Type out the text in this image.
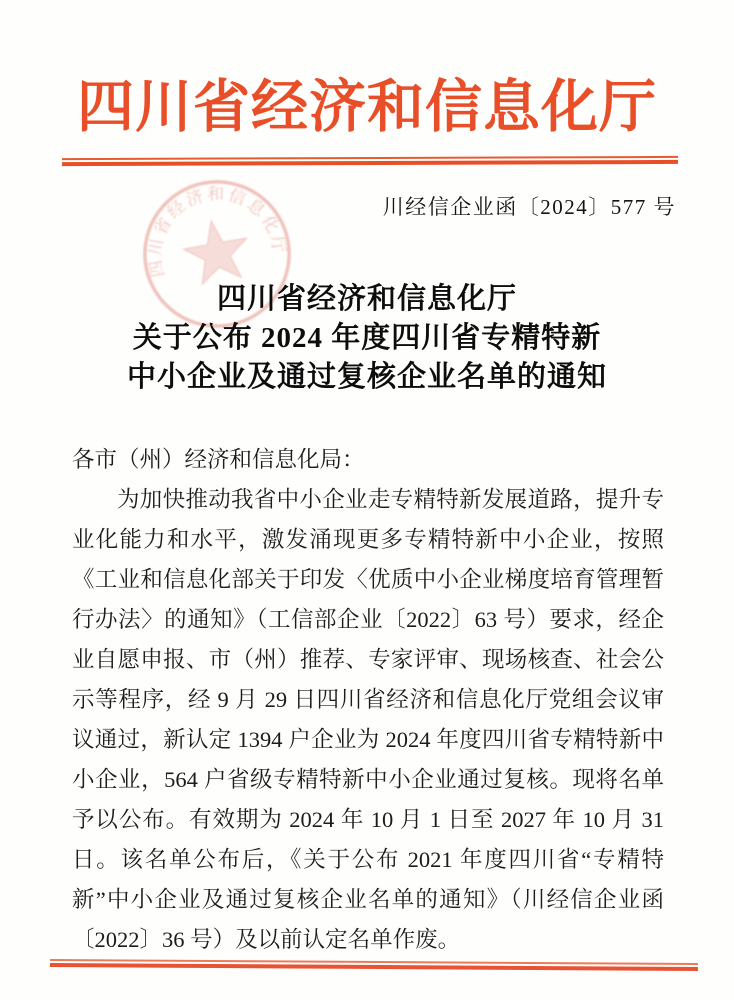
四川省经济和信息化厅
四川省经济和信息化厅
川经信企业函〔2024〕577 号
四川省经济和信息化厅
关于公布 2024 年度四川省专精特新
中小企业及通过复核企业名单的通知

各市（州）经济和信息化局：

为加快推动我省中小企业走专精特新发展道路，提升专业化能力和水平，激发涌现更多专精特新中小企业，按照《工业和信息化部关于印发〈优质中小企业梯度培育管理暂行办法〉的通知》（工信部企业〔2022〕63 号）要求，经企业自愿申报、市（州）推荐、专家评审、现场核查、社会公示等程序，经 9 月 29 日四川省经济和信息化厅党组会议审议通过，新认定 1394 户企业为 2024 年度四川省专精特新中小企业，564 户省级专精特新中小企业通过复核。现将名单予以公布。有效期为 2024 年 10 月 1 日至 2027 年 10 月 31 日。该名单公布后，《关于公布 2021 年度四川省“专精特新”中小企业及通过复核企业名单的通知》（川经信企业函〔2022〕36 号）及以前认定名单作废。
